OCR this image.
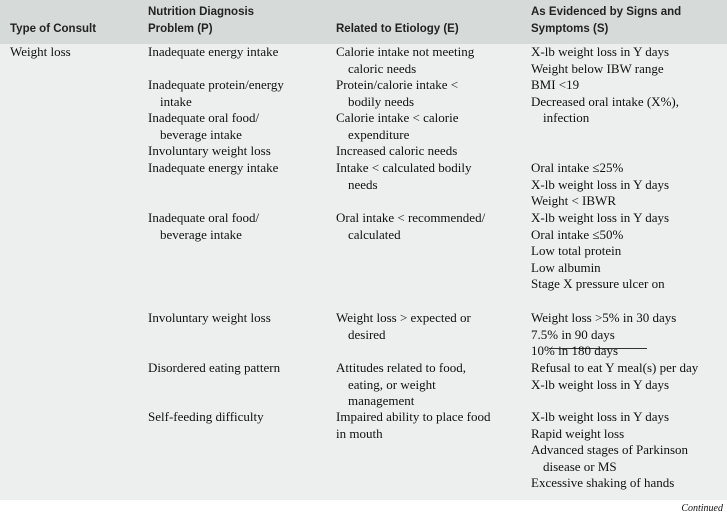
Type of Consult
Nutrition Diagnosis
Problem (P)	Related to Etiology (E)
As Evidenced by Signs and
Symptoms (S)
Weight loss	Inadequate energy intake
Inadequate protein/energy
intake
Inadequate oral food/
beverage intake
Involuntary weight loss
Inadequate energy intake
Inadequate oral food/
beverage intake
Involuntary weight loss
Disordered eating pattern
Self-feeding difficulty
Calorie intake not meeting
caloric needs
Protein/calorie intake <
bodily needs
Calorie intake < calorie
expenditure
Increased caloric needs
Intake < calculated bodily
needs
Oral intake < recommended/
calculated
Weight loss > expected or
desired
Attitudes related to food,
eating, or weight
management
Impaired ability to place food
in mouth
X-lb weight loss in Y days
Weight below IBW range
BMI <19
Decreased oral intake (X%),
infection
Oral intake ≤25%
X-lb weight loss in Y days
Weight < IBWR
X-lb weight loss in Y days
Oral intake ≤50%
Low total protein
Low albumin
Stage X pressure ulcer on
Weight loss >5% in 30 days
7.5% in 90 days
10% in 180 days
Refusal to eat Y meal(s) per day
X-lb weight loss in Y days
X-lb weight loss in Y days
Rapid weight loss
Advanced stages of Parkinson
disease or MS
Excessive shaking of hands
Continued
